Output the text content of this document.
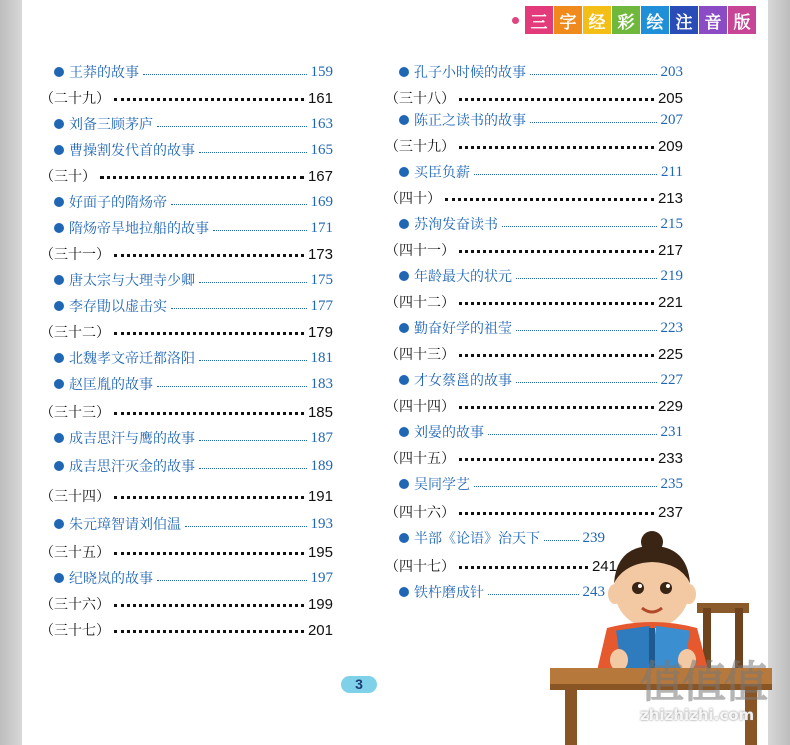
三 字 经 彩 绘 注 音 版
王莽的故事	159
（二十九）	161
刘备三顾茅庐	163
曹操割发代首的故事	165
（三十）	167
好面子的隋炀帝	169
隋炀帝旱地拉船的故事	171
（三十一）	173
唐太宗与大理寺少卿	175
李存勖以虚击实	177
（三十二）	179
北魏孝文帝迁都洛阳	181
赵匡胤的故事	183
（三十三）	185
成吉思汗与鹰的故事	187
成吉思汗灭金的故事	189
（三十四）	191
朱元璋智请刘伯温	193
（三十五）	195
纪晓岚的故事	197
（三十六）	199
（三十七）	201
孔子小时候的故事	203
（三十八）	205
陈正之读书的故事	207
（三十九）	209
买臣负薪	211
（四十）	213
苏洵发奋读书	215
（四十一）	217
年龄最大的状元	219
（四十二）	221
勤奋好学的祖莹	223
（四十三）	225
才女蔡邕的故事	227
（四十四）	229
刘晏的故事	231
（四十五）	233
吴同学艺	235
（四十六）	237
半部《论语》治天下	239
（四十七）	241
铁杵磨成针	243
3	值值值
zhizhizhi.com
